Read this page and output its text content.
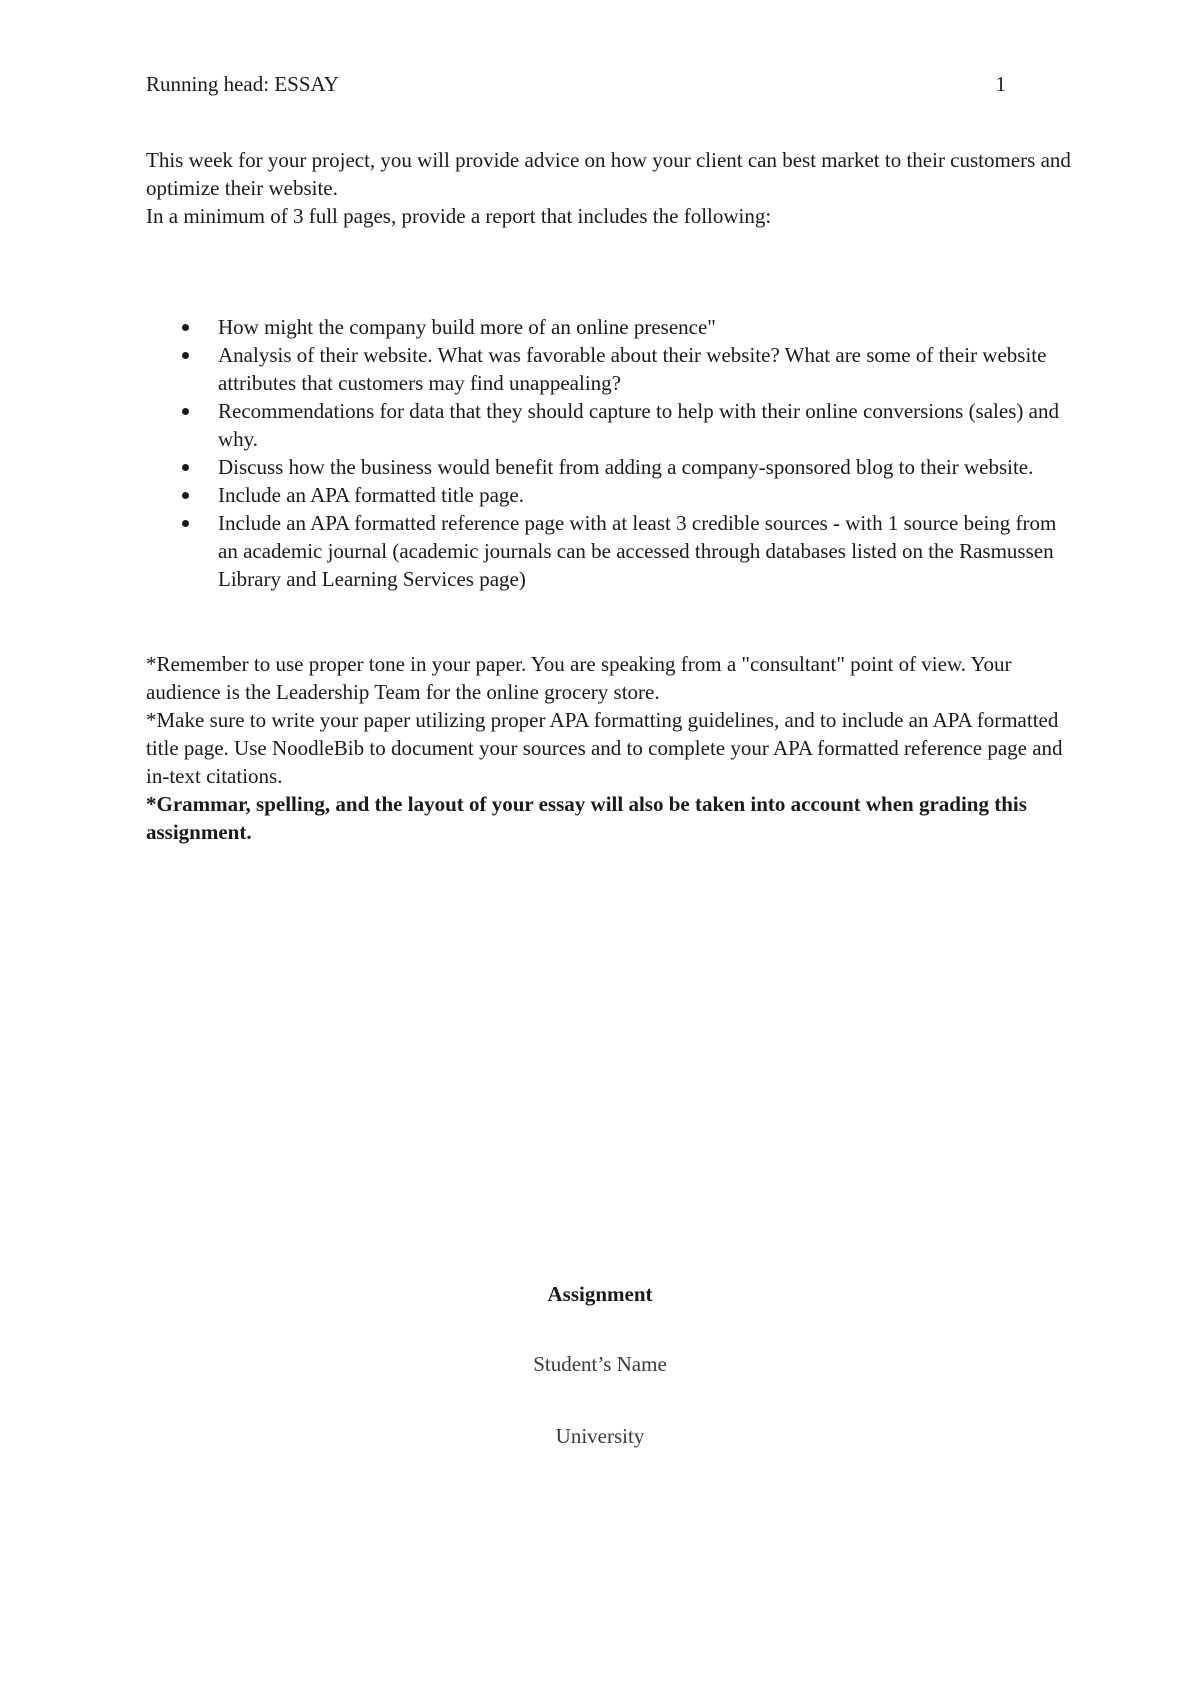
Running head: ESSAY	1

This week for your project, you will provide advice on how your client can best market to their customers and optimize their website.

In a minimum of 3 full pages, provide a report that includes the following:

How might the company build more of an online presence"
Analysis of their website. What was favorable about their website? What are some of their website attributes that customers may find unappealing?
Recommendations for data that they should capture to help with their online conversions (sales) and why.
Discuss how the business would benefit from adding a company-sponsored blog to their website.
Include an APA formatted title page.
Include an APA formatted reference page with at least 3 credible sources - with 1 source being from an academic journal (academic journals can be accessed through databases listed on the Rasmussen Library and Learning Services page)

*Remember to use proper tone in your paper. You are speaking from a "consultant" point of view. Your audience is the Leadership Team for the online grocery store.

*Make sure to write your paper utilizing proper APA formatting guidelines, and to include an APA formatted title page. Use NoodleBib to document your sources and to complete your APA formatted reference page and in-text citations.

*Grammar, spelling, and the layout of your essay will also be taken into account when grading this assignment.

Assignment
Student’s Name
University
